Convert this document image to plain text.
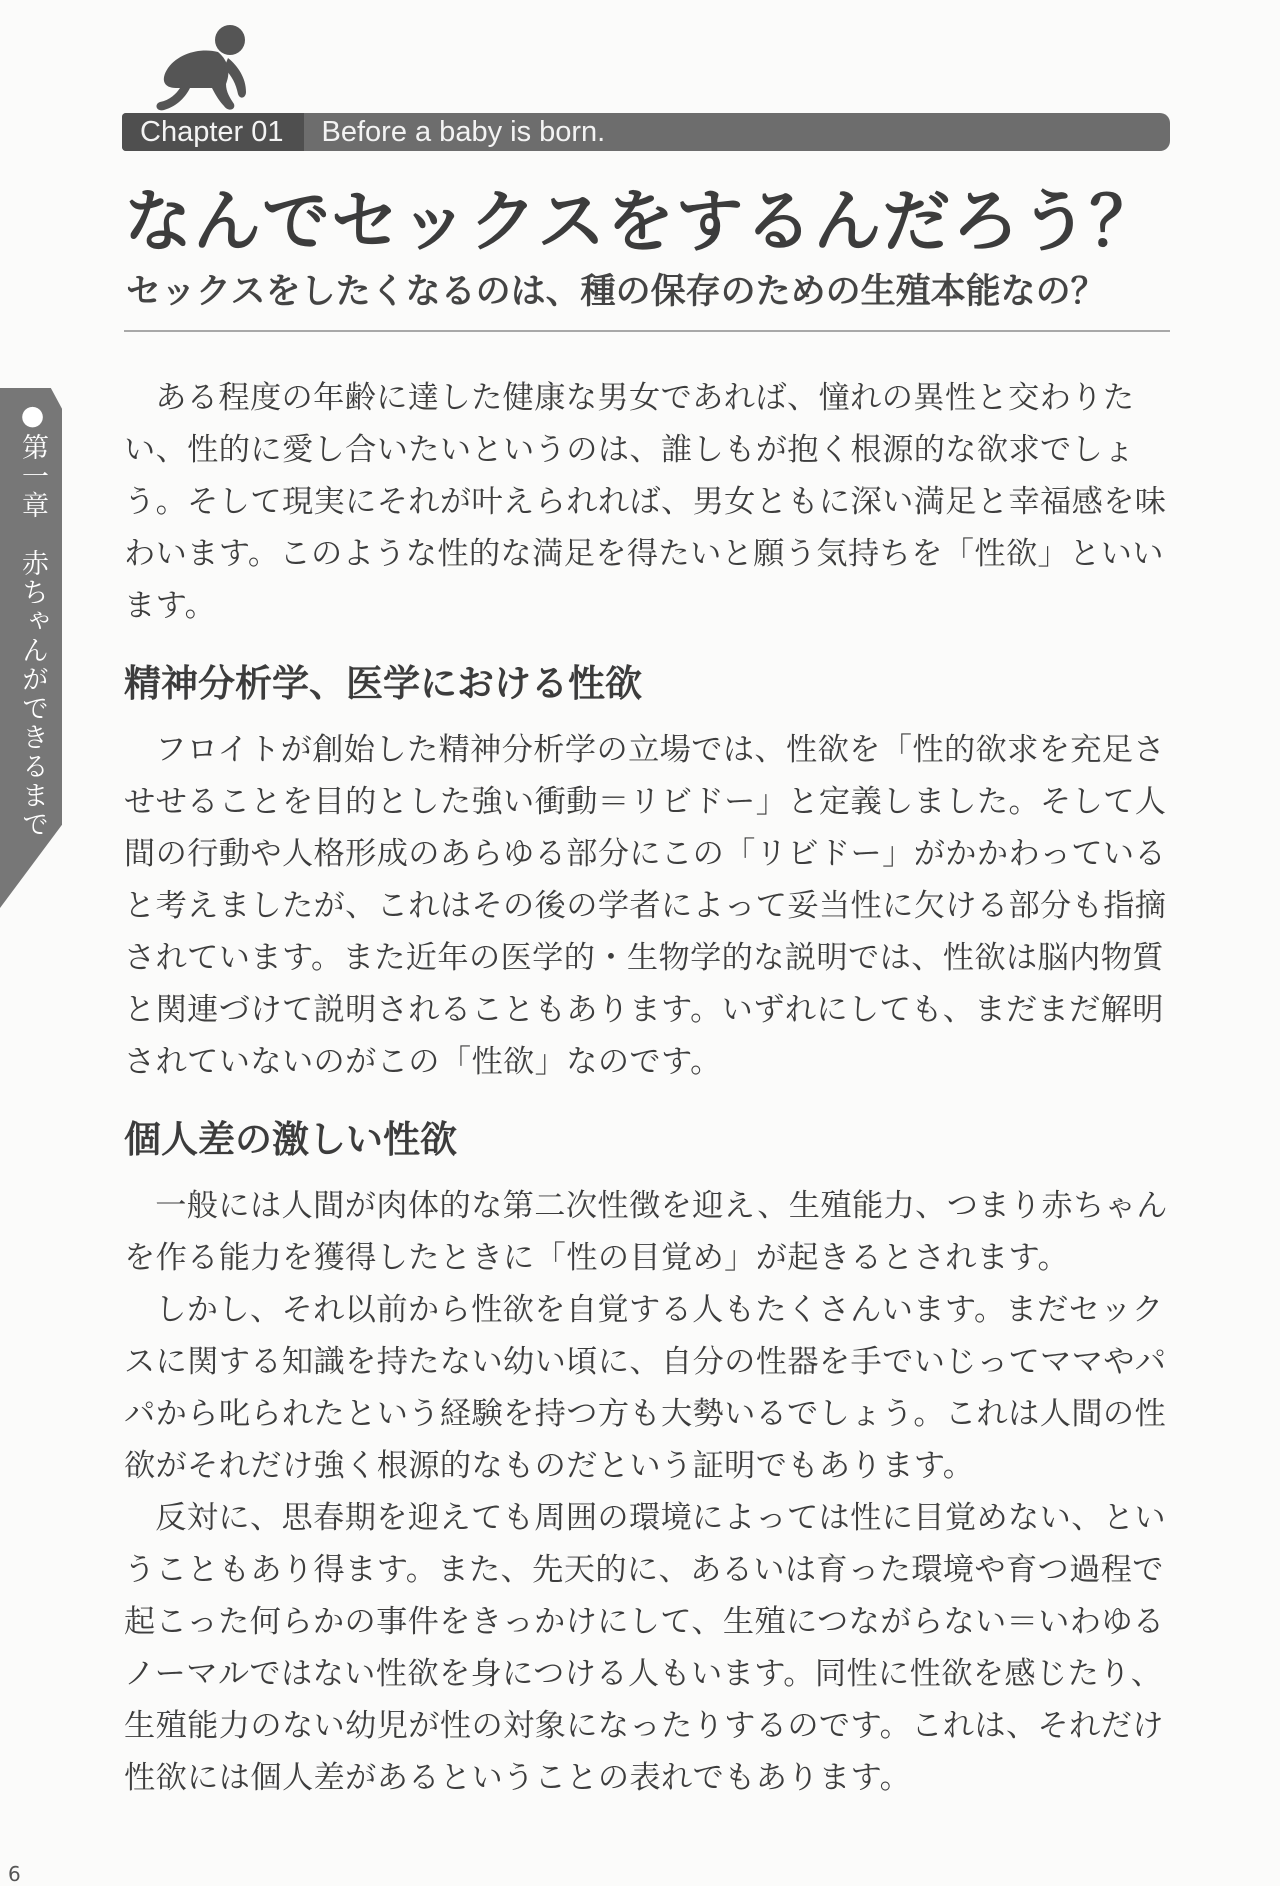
Chapter 01	Before a baby is born.
なんでセックスをするんだろう？
セックスをしたくなるのは、種の保存のための生殖本能なの？
●第一章　赤ちゃんができるまで

ある程度の年齢に達した健康な男女であれば、憧れの異性と交わりたい、性的に愛し合いたいというのは、誰しもが抱く根源的な欲求でしょう。そして現実にそれが叶えられれば、男女ともに深い満足と幸福感を味わいます。このような性的な満足を得たいと願う気持ちを「性欲」といいます。

精神分析学、医学における性欲

フロイトが創始した精神分析学の立場では、性欲を「性的欲求を充足させせることを目的とした強い衝動＝リビドー」と定義しました。そして人間の行動や人格形成のあらゆる部分にこの「リビドー」がかかわっていると考えましたが、これはその後の学者によって妥当性に欠ける部分も指摘されています。また近年の医学的・生物学的な説明では、性欲は脳内物質と関連づけて説明されることもあります。いずれにしても、まだまだ解明されていないのがこの「性欲」なのです。

個人差の激しい性欲

一般には人間が肉体的な第二次性徴を迎え、生殖能力、つまり赤ちゃんを作る能力を獲得したときに「性の目覚め」が起きるとされます。

しかし、それ以前から性欲を自覚する人もたくさんいます。まだセックスに関する知識を持たない幼い頃に、自分の性器を手でいじってママやパパから叱られたという経験を持つ方も大勢いるでしょう。これは人間の性欲がそれだけ強く根源的なものだという証明でもあります。

反対に、思春期を迎えても周囲の環境によっては性に目覚めない、ということもあり得ます。また、先天的に、あるいは育った環境や育つ過程で起こった何らかの事件をきっかけにして、生殖につながらない＝いわゆるノーマルではない性欲を身につける人もいます。同性に性欲を感じたり、生殖能力のない幼児が性の対象になったりするのです。これは、それだけ性欲には個人差があるということの表れでもあります。

6
